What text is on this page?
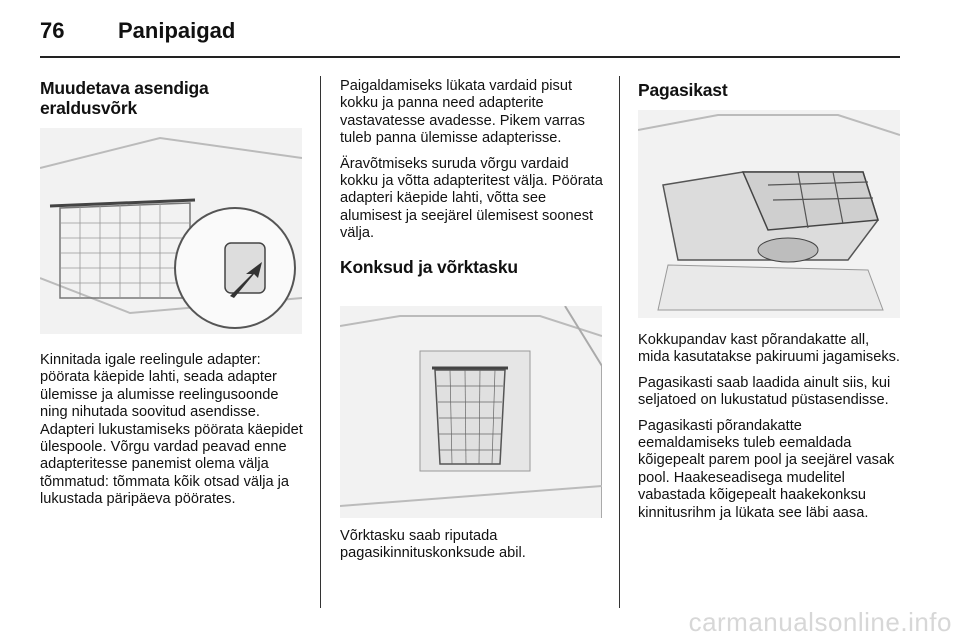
76 Panipaigad
Muudetava asendiga
eraldusvõrk

Kinnitada igale reelingule adapter: pöörata käepide lahti, seada adapter ülemisse ja alumisse reelingusoonde ning nihutada soovitud asendisse. Adapteri lukustamiseks pöörata käepidet ülespoole. Võrgu vardad peavad enne adapteritesse panemist olema välja tõmmatud: tõmmata kõik otsad välja ja lukustada päripäeva pöörates.

Paigaldamiseks lükata vardaid pisut kokku ja panna need adapterite vastavatesse avadesse. Pikem varras tuleb panna ülemisse adapterisse.

Äravõtmiseks suruda võrgu vardaid kokku ja võtta adapteritest välja. Pöörata adapteri käepide lahti, võtta see alumisest ja seejärel ülemisest soonest välja.

Konksud ja võrktasku

Võrktasku saab riputada pagasikinnituskonksude abil.

Pagasikast

Kokkupandav kast põrandakatte all, mida kasutatakse pakiruumi jagamiseks.

Pagasikasti saab laadida ainult siis, kui seljatoed on lukustatud püstasendisse.

Pagasikasti põrandakatte eemaldamiseks tuleb eemaldada kõigepealt parem pool ja seejärel vasak pool. Haakeseadisega mudelitel vabastada kõigepealt haakekonksu kinnitusrihm ja lükata see läbi aasa.

carmanualsonline.info
